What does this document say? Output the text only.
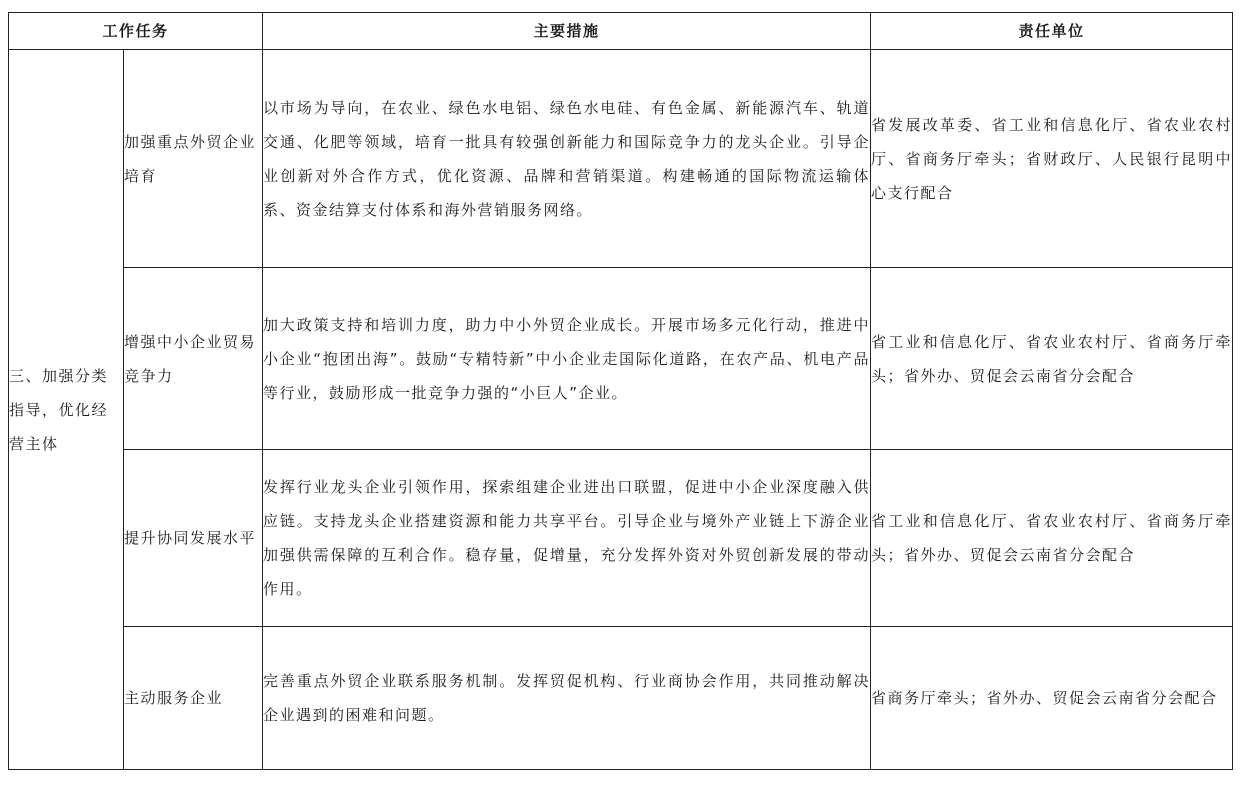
工作任务		主要措施	责任单位
三、加强分类指导，优化经营主体	加强重点外贸企业培育	以市场为导向，在农业、绿色水电铝、绿色水电硅、有色金属、新能源汽车、轨道交通、化肥等领域，培育一批具有较强创新能力和国际竞争力的龙头企业。引导企业创新对外合作方式，优化资源、品牌和营销渠道。构建畅通的国际物流运输体系、资金结算支付体系和海外营销服务网络。	省发展改革委、省工业和信息化厅、省农业农村厅、省商务厅牵头；省财政厅、人民银行昆明中心支行配合
	增强中小企业贸易竞争力	加大政策支持和培训力度，助力中小外贸企业成长。开展市场多元化行动，推进中小企业“抱团出海”。鼓励“专精特新”中小企业走国际化道路，在农产品、机电产品等行业，鼓励形成一批竞争力强的“小巨人”企业。	省工业和信息化厅、省农业农村厅、省商务厅牵头；省外办、贸促会云南省分会配合
	提升协同发展水平	发挥行业龙头企业引领作用，探索组建企业进出口联盟，促进中小企业深度融入供应链。支持龙头企业搭建资源和能力共享平台。引导企业与境外产业链上下游企业加强供需保障的互利合作。稳存量，促增量，充分发挥外资对外贸创新发展的带动作用。	省工业和信息化厅、省农业农村厅、省商务厅牵头；省外办、贸促会云南省分会配合
	主动服务企业	完善重点外贸企业联系服务机制。发挥贸促机构、行业商协会作用，共同推动解决企业遇到的困难和问题。	省商务厅牵头；省外办、贸促会云南省分会配合
